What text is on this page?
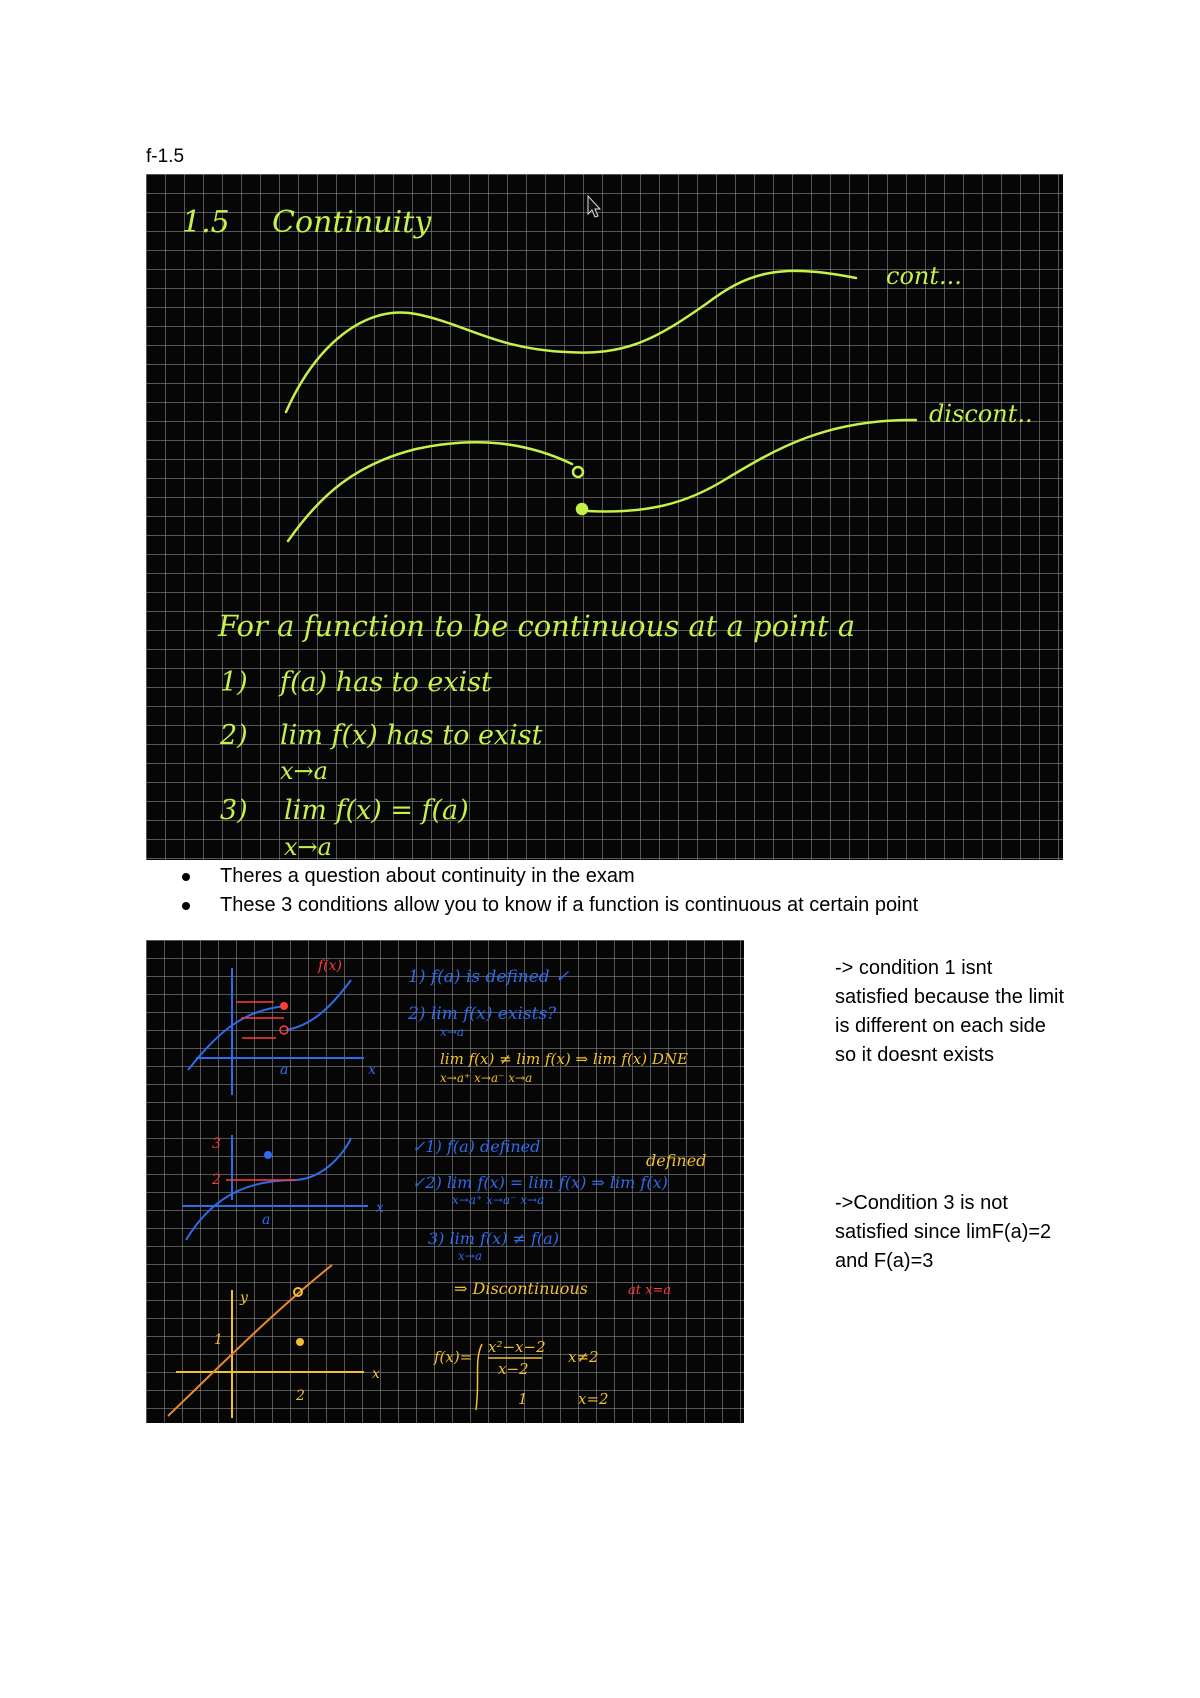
f-1.5
1.5 Continuity
cont...
discont..
For a function to be continuous at a point a
1) f(a) has to exist
2) lim f(x) has to exist
x→a
3) lim f(x) = f(a)
x→a
Theres a question about continuity in the exam
These 3 conditions allow you to know if a function is continuous at certain point
f(x)
a	x
1) f(a) is defined ✓
2) lim f(x) exists?
x→a
lim f(x) ≠ lim f(x) ⇒ lim f(x) DNE
x→a⁺ x→a⁻ x→a
3
2
a
x
✓1) f(a) defined
defined
✓2) lim f(x) = lim f(x) ⇒ lim f(x)
x→a⁺ x→a⁻ x→a
3) lim f(x) ≠ f(a)
x→a
⇒ Discontinuous	at x=a
y
x
1
2
f(x)=
x²−x−2
x−2
x≠2
1	x=2
-> condition 1 isnt satisfied because the limit is different on each side so it doesnt exists
->Condition 3 is not satisfied since limF(a)=2 and F(a)=3
